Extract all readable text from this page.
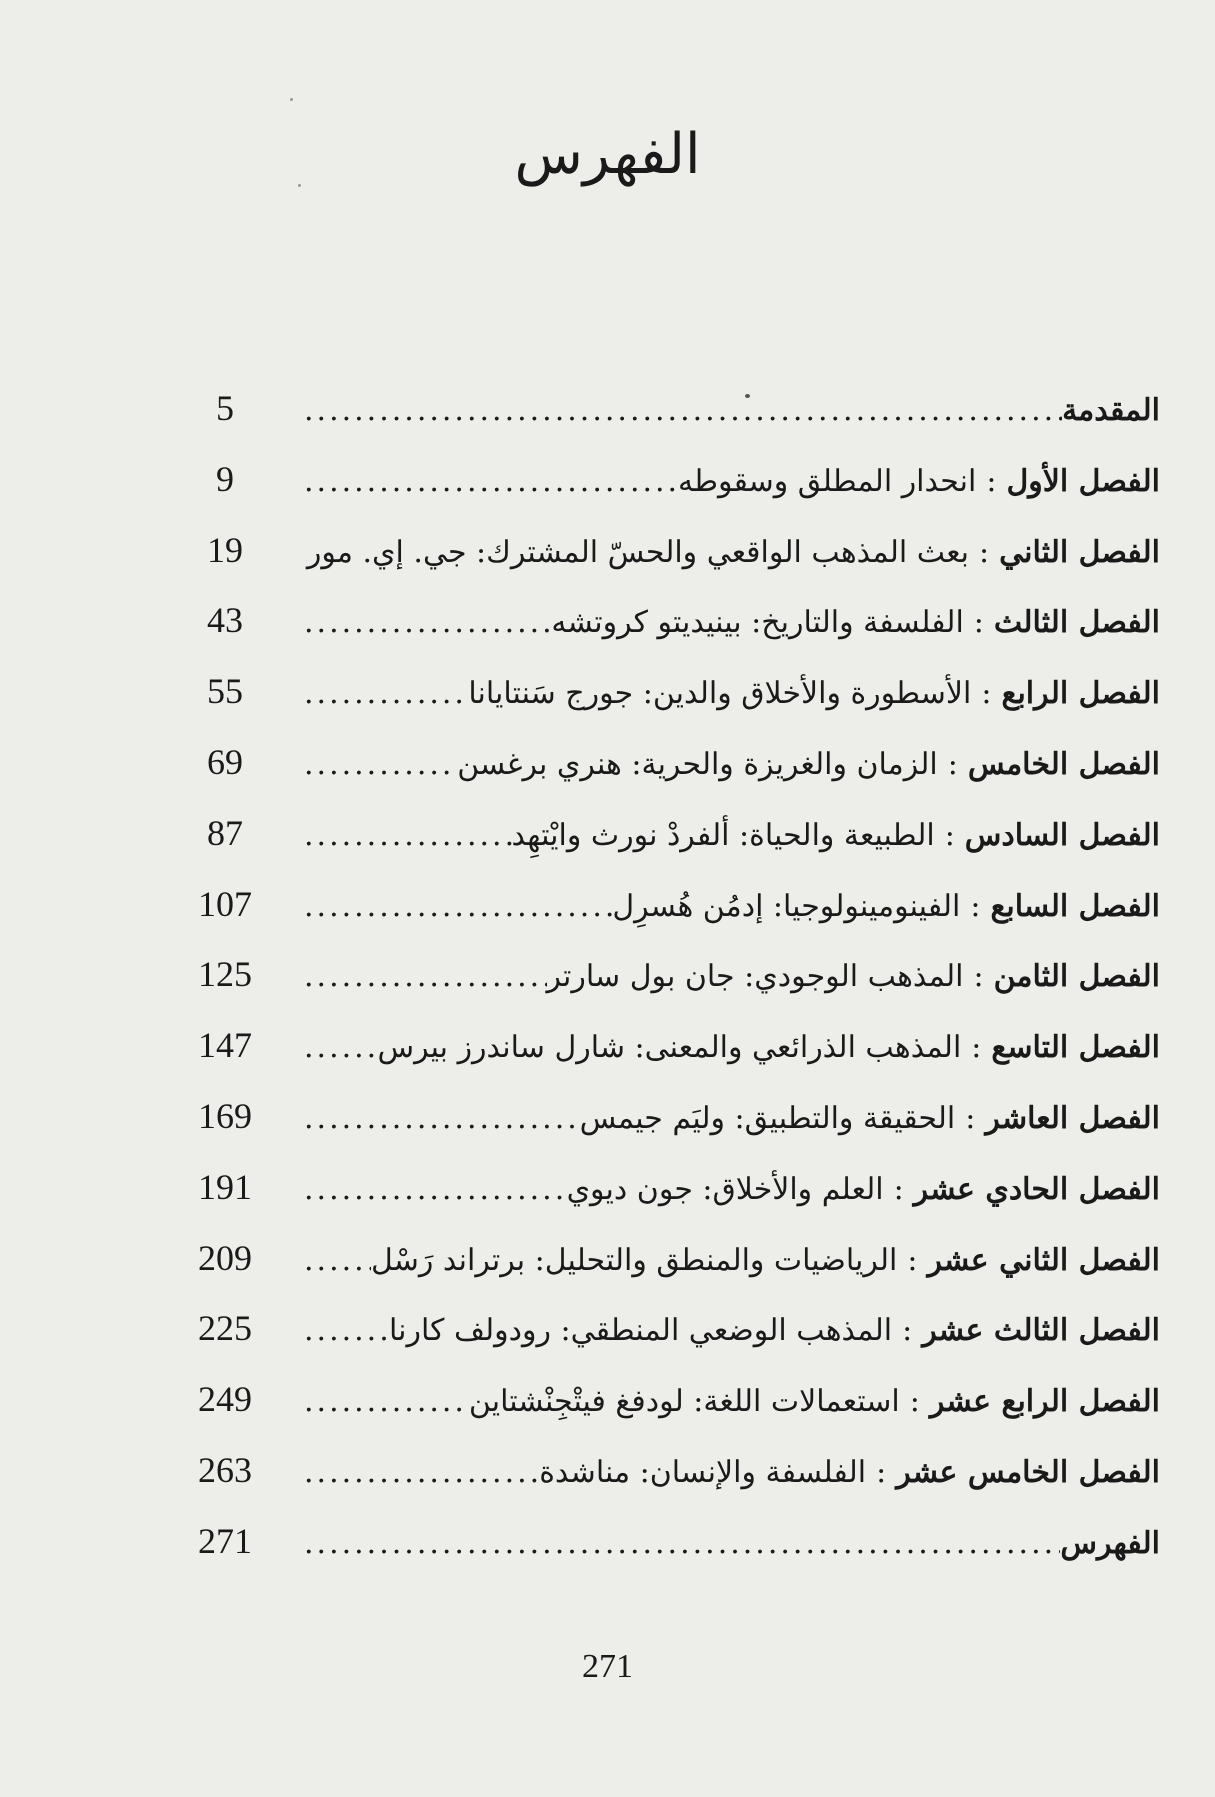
الفهرس
المقدمة
.....
5
الفصل الأول
:
انحدار المطلق وسقوطه
.....
9
الفصل الثاني
:
بعث المذهب الواقعي والحسّ المشترك: جي. إي. مور
.....
19
الفصل الثالث
:
الفلسفة والتاريخ: بينيديتو كروتشه
.....
43
الفصل الرابع
:
الأسطورة والأخلاق والدين: جورج سَنتايانا
.....
55
الفصل الخامس
:
الزمان والغريزة والحرية: هنري برغسن
.....
69
الفصل السادس
:
الطبيعة والحياة: ألفردْ نورث وايْتهِد
.....
87
الفصل السابع
:
الفينومينولوجيا: إدمُن هُسرِل
.....
107
الفصل الثامن
:
المذهب الوجودي: جان بول سارتر
.....
125
الفصل التاسع
:
المذهب الذرائعي والمعنى: شارل ساندرز بيرس
.....
147
الفصل العاشر
:
الحقيقة والتطبيق: وليَم جيمس
.....
169
الفصل الحادي عشر
:
العلم والأخلاق: جون ديوي
.....
191
الفصل الثاني عشر
:
الرياضيات والمنطق والتحليل: برتراند رَسْل
.....
209
الفصل الثالث عشر
:
المذهب الوضعي المنطقي: رودولف كارنا
.....
225
الفصل الرابع عشر
:
استعمالات اللغة: لودفغ فيتْجِنْشتاين
.....
249
الفصل الخامس عشر
:
الفلسفة والإنسان: مناشدة
.....
263
الفهرس
.....
271
271
